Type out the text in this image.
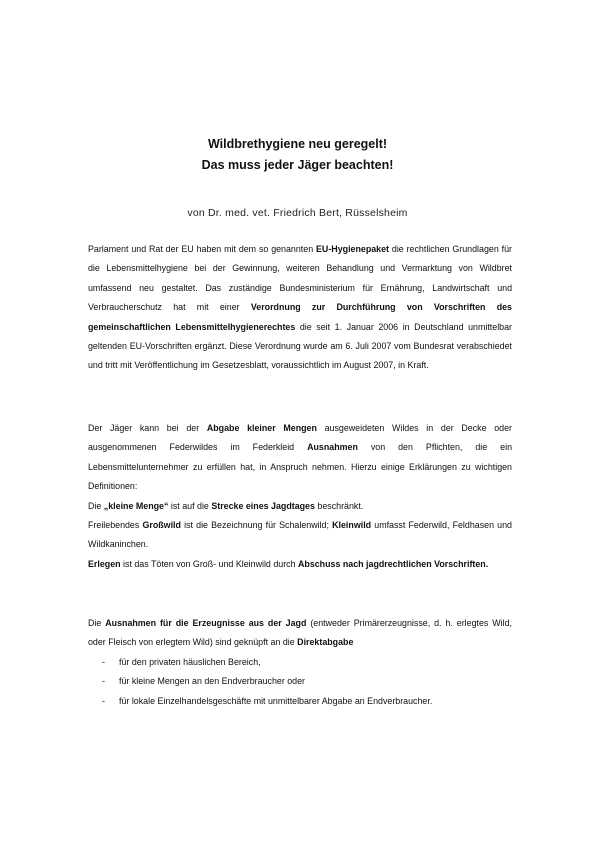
Wildbrethygiene neu geregelt!
Das muss jeder Jäger beachten!
von Dr. med. vet. Friedrich Bert, Rüsselsheim

Parlament und Rat der EU haben mit dem so genannten EU-Hygienepaket die rechtlichen Grundlagen für die Lebensmittelhygiene bei der Gewinnung, weiteren Behandlung und Vermarktung von Wildbret umfassend neu gestaltet. Das zuständige Bundesministerium für Ernährung, Landwirtschaft und Verbraucherschutz hat mit einer Verordnung zur Durchführung von Vorschriften des gemeinschaftlichen Lebensmittelhygienerechtes die seit 1. Januar 2006 in Deutschland unmittelbar geltenden EU-Vorschriften ergänzt. Diese Verordnung wurde am 6. Juli 2007 vom Bundesrat verabschiedet und tritt mit Veröffentlichung im Gesetzesblatt, voraussichtlich im August 2007, in Kraft.

Der Jäger kann bei der Abgabe kleiner Mengen ausgeweideten Wildes in der Decke oder ausgenommenen Federwildes im Federkleid Ausnahmen von den Pflichten, die ein Lebensmittelunternehmer zu erfüllen hat, in Anspruch nehmen. Hierzu einige Erklärungen zu wichtigen Definitionen:

Die „kleine Menge“ ist auf die Strecke eines Jagdtages beschränkt.

Freilebendes Großwild ist die Bezeichnung für Schalenwild; Kleinwild umfasst Federwild, Feldhasen und Wildkaninchen.

Erlegen ist das Töten von Groß- und Kleinwild durch Abschuss nach jagdrechtlichen Vorschriften.

Die Ausnahmen für die Erzeugnisse aus der Jagd (entweder Primärerzeugnisse, d. h. erlegtes Wild, oder Fleisch von erlegtem Wild) sind geknüpft an die Direktabgabe

- für den privaten häuslichen Bereich,
- für kleine Mengen an den Endverbraucher oder
- für lokale Einzelhandelsgeschäfte mit unmittelbarer Abgabe an Endverbraucher.
